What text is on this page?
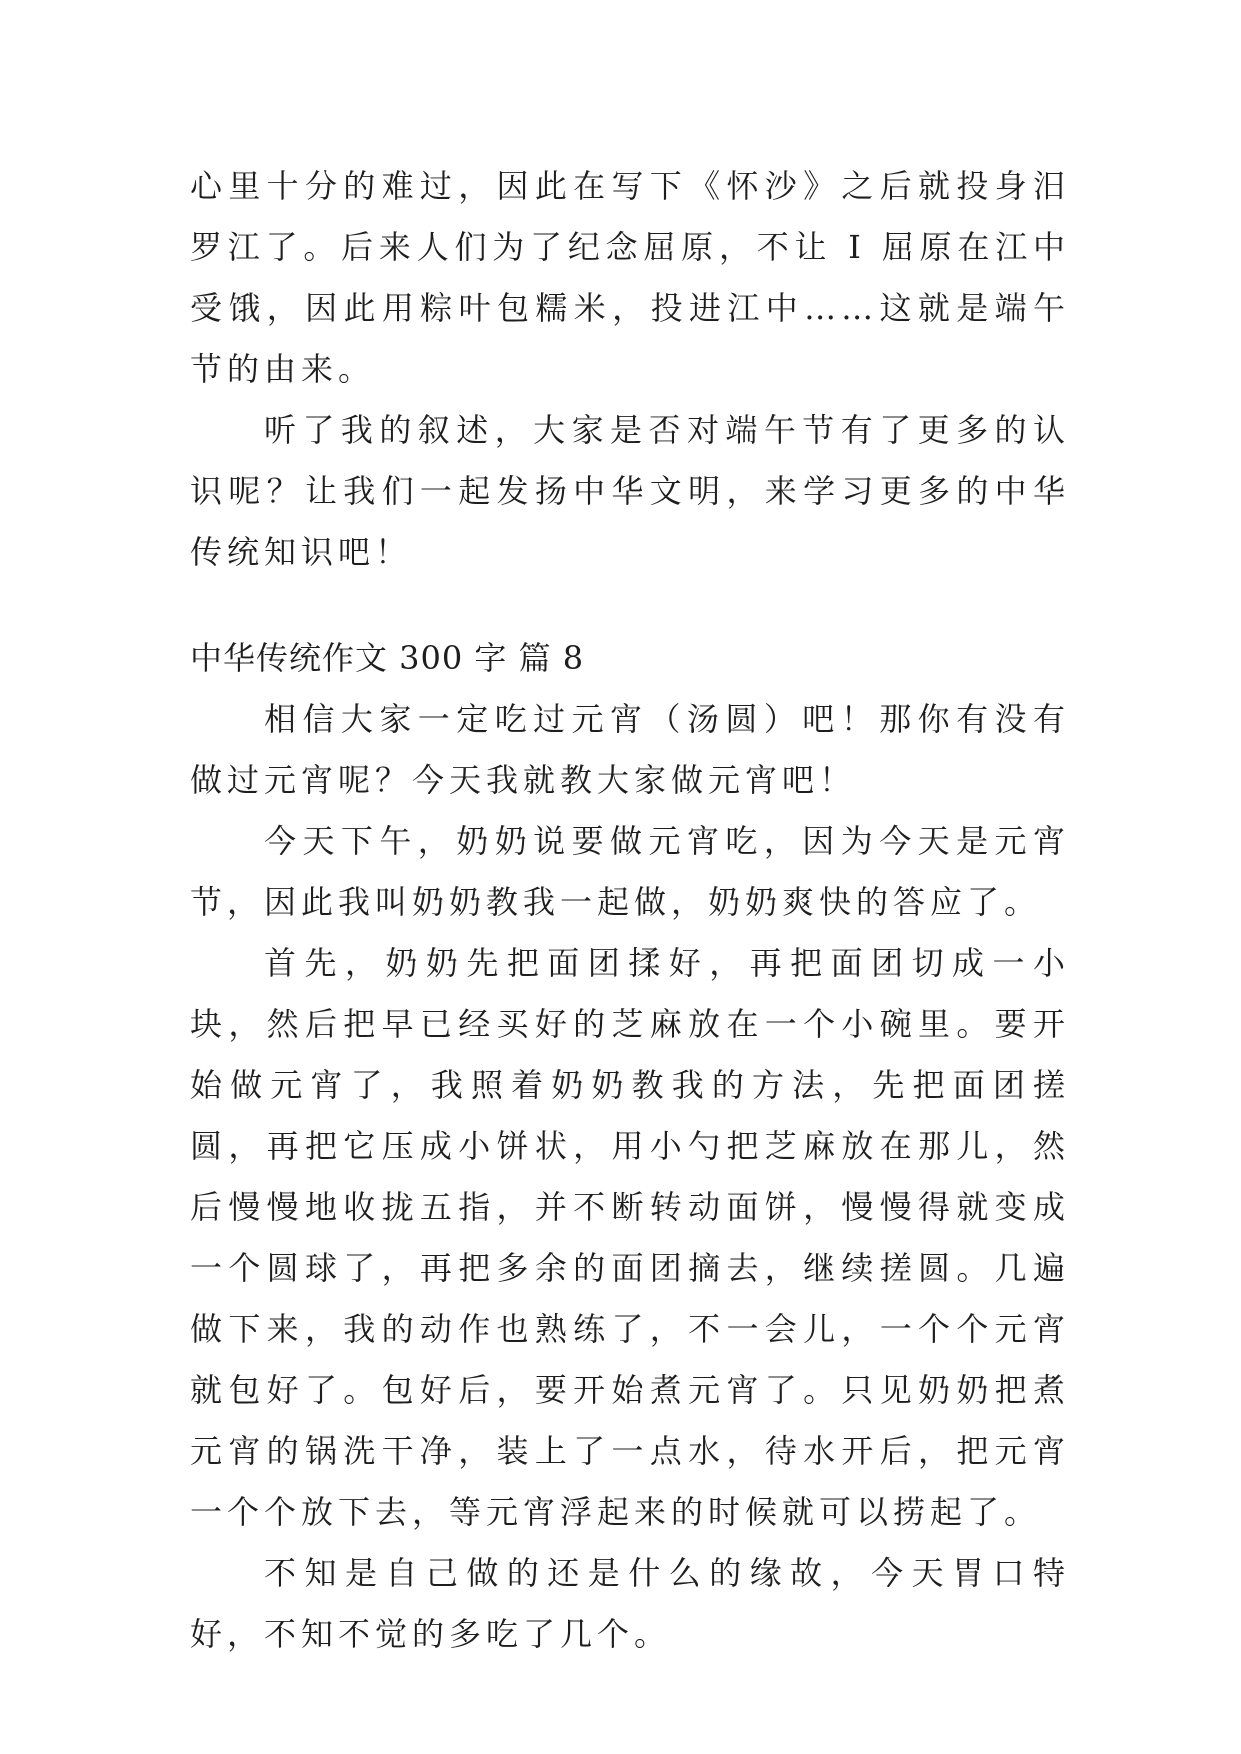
心里十分的难过，因此在写下《怀沙》之后就投身汨罗江了。后来人们为了纪念屈原，不让 I 屈原在江中受饿，因此用粽叶包糯米，投进江中……这就是端午节的由来。

听了我的叙述，大家是否对端午节有了更多的认识呢？让我们一起发扬中华文明，来学习更多的中华传统知识吧！

中华传统作文 300 字 篇 8

相信大家一定吃过元宵（汤圆）吧！那你有没有做过元宵呢？今天我就教大家做元宵吧！

今天下午，奶奶说要做元宵吃，因为今天是元宵节，因此我叫奶奶教我一起做，奶奶爽快的答应了。

首先，奶奶先把面团揉好，再把面团切成一小块，然后把早已经买好的芝麻放在一个小碗里。要开始做元宵了，我照着奶奶教我的方法，先把面团搓圆，再把它压成小饼状，用小勺把芝麻放在那儿，然后慢慢地收拢五指，并不断转动面饼，慢慢得就变成一个圆球了，再把多余的面团摘去，继续搓圆。几遍做下来，我的动作也熟练了，不一会儿，一个个元宵就包好了。包好后，要开始煮元宵了。只见奶奶把煮元宵的锅洗干净，装上了一点水，待水开后，把元宵一个个放下去，等元宵浮起来的时候就可以捞起了。

不知是自己做的还是什么的缘故，今天胃口特好，不知不觉的多吃了几个。
